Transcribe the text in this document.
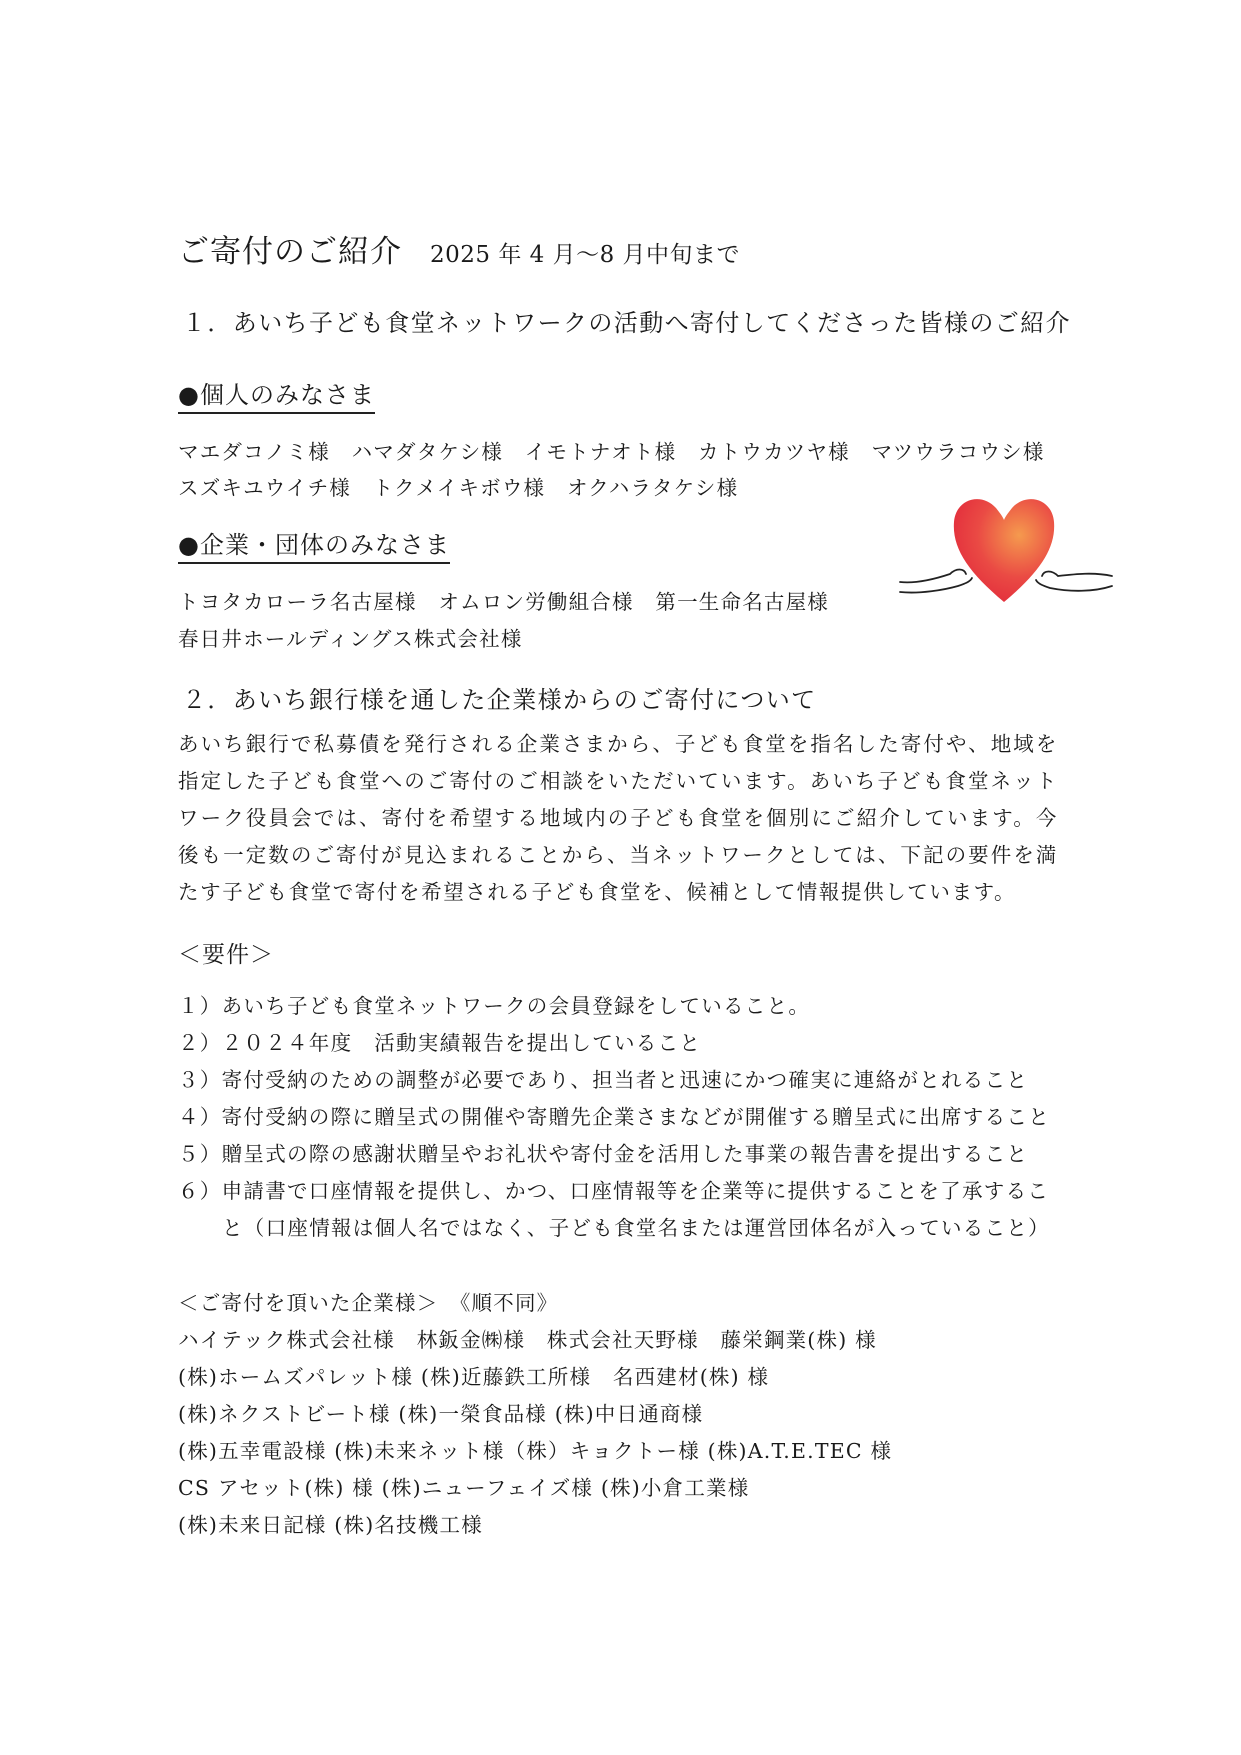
ご寄付のご紹介 2025 年 4 月～8 月中旬まで
１．あいち子ども食堂ネットワークの活動へ寄付してくださった皆様のご紹介
●個人のみなさま
マエダコノミ様　ハマダタケシ様　イモトナオト様　カトウカツヤ様　マツウラコウシ様
スズキユウイチ様　トクメイキボウ様　オクハラタケシ様
●企業・団体のみなさま
トヨタカローラ名古屋様　オムロン労働組合様　第一生命名古屋様
春日井ホールディングス株式会社様
２．あいち銀行様を通した企業様からのご寄付について
あいち銀行で私募債を発行される企業さまから、子ども食堂を指名した寄付や、地域を指定した子ども食堂へのご寄付のご相談をいただいています。あいち子ども食堂ネットワーク役員会では、寄付を希望する地域内の子ども食堂を個別にご紹介しています。今後も一定数のご寄付が見込まれることから、当ネットワークとしては、下記の要件を満たす子ども食堂で寄付を希望される子ども食堂を、候補として情報提供しています。
＜要件＞
１）あいち子ども食堂ネットワークの会員登録をしていること。
２）２０２４年度　活動実績報告を提出していること
３）寄付受納のための調整が必要であり、担当者と迅速にかつ確実に連絡がとれること
４）寄付受納の際に贈呈式の開催や寄贈先企業さまなどが開催する贈呈式に出席すること
５）贈呈式の際の感謝状贈呈やお礼状や寄付金を活用した事業の報告書を提出すること
６）申請書で口座情報を提供し、かつ、口座情報等を企業等に提供することを了承するこ
と（口座情報は個人名ではなく、子ども食堂名または運営団体名が入っていること）
＜ご寄付を頂いた企業様＞　《順不同》
ハイテック株式会社様　林鈑金㈱様　株式会社天野様　藤栄鋼業(株) 様
(株)ホームズパレット様 (株)近藤鉄工所様　名西建材(株) 様
(株)ネクストビート様 (株)一榮食品様 (株)中日通商様
(株)五幸電設様 (株)未来ネット様（株）キョクトー様 (株)A.T.E.TEC 様
CS アセット(株) 様 (株)ニューフェイズ様 (株)小倉工業様
(株)未来日記様 (株)名技機工様
